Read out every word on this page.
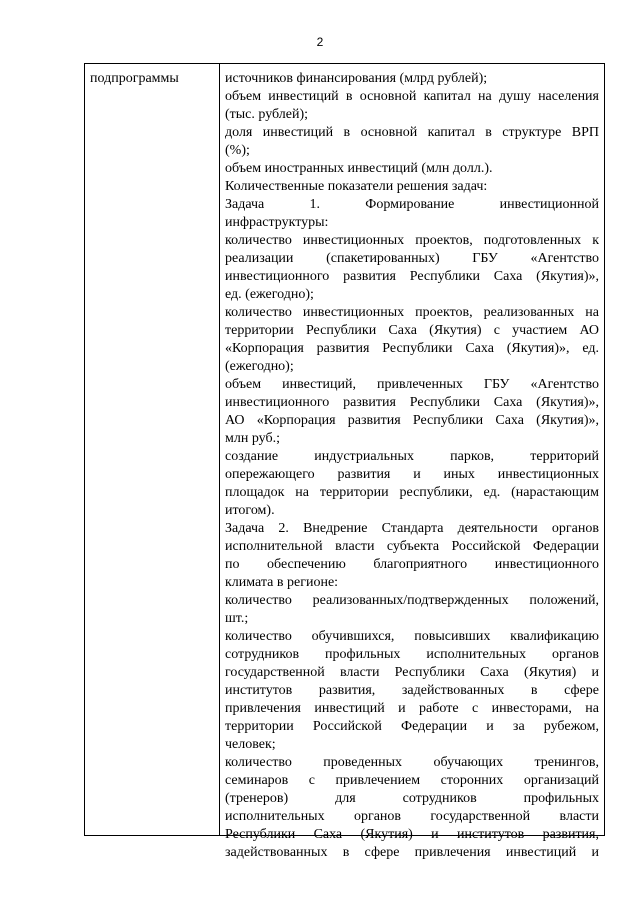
2
подпрограммы	источников финансирования (млрд рублей);
объем инвестиций в основной капитал на душу населения
(тыс. рублей);
доля инвестиций в основной капитал в структуре ВРП
(%);
объем иностранных инвестиций (млн долл.).
Количественные показатели решения задач:
Задача 1. Формирование инвестиционной
инфраструктуры:
количество инвестиционных проектов, подготовленных к
реализации (спакетированных) ГБУ «Агентство
инвестиционного развития Республики Саха (Якутия)»,
ед. (ежегодно);
количество инвестиционных проектов, реализованных на
территории Республики Саха (Якутия) с участием АО
«Корпорация развития Республики Саха (Якутия)», ед.
(ежегодно);
объем инвестиций, привлеченных ГБУ «Агентство
инвестиционного развития Республики Саха (Якутия)»,
АО «Корпорация развития Республики Саха (Якутия)»,
млн руб.;
создание индустриальных парков, территорий
опережающего развития и иных инвестиционных
площадок на территории республики, ед. (нарастающим
итогом).
Задача 2. Внедрение Стандарта деятельности органов
исполнительной власти субъекта Российской Федерации
по обеспечению благоприятного инвестиционного
климата в регионе:
количество реализованных/подтвержденных положений,
шт.;
количество обучившихся, повысивших квалификацию
сотрудников профильных исполнительных органов
государственной власти Республики Саха (Якутия) и
институтов развития, задействованных в сфере
привлечения инвестиций и работе с инвесторами, на
территории Российской Федерации и за рубежом,
человек;
количество проведенных обучающих тренингов,
семинаров с привлечением сторонних организаций
(тренеров) для сотрудников профильных
исполнительных органов государственной власти
Республики Саха (Якутия) и институтов развития,
задействованных в сфере привлечения инвестиций и
